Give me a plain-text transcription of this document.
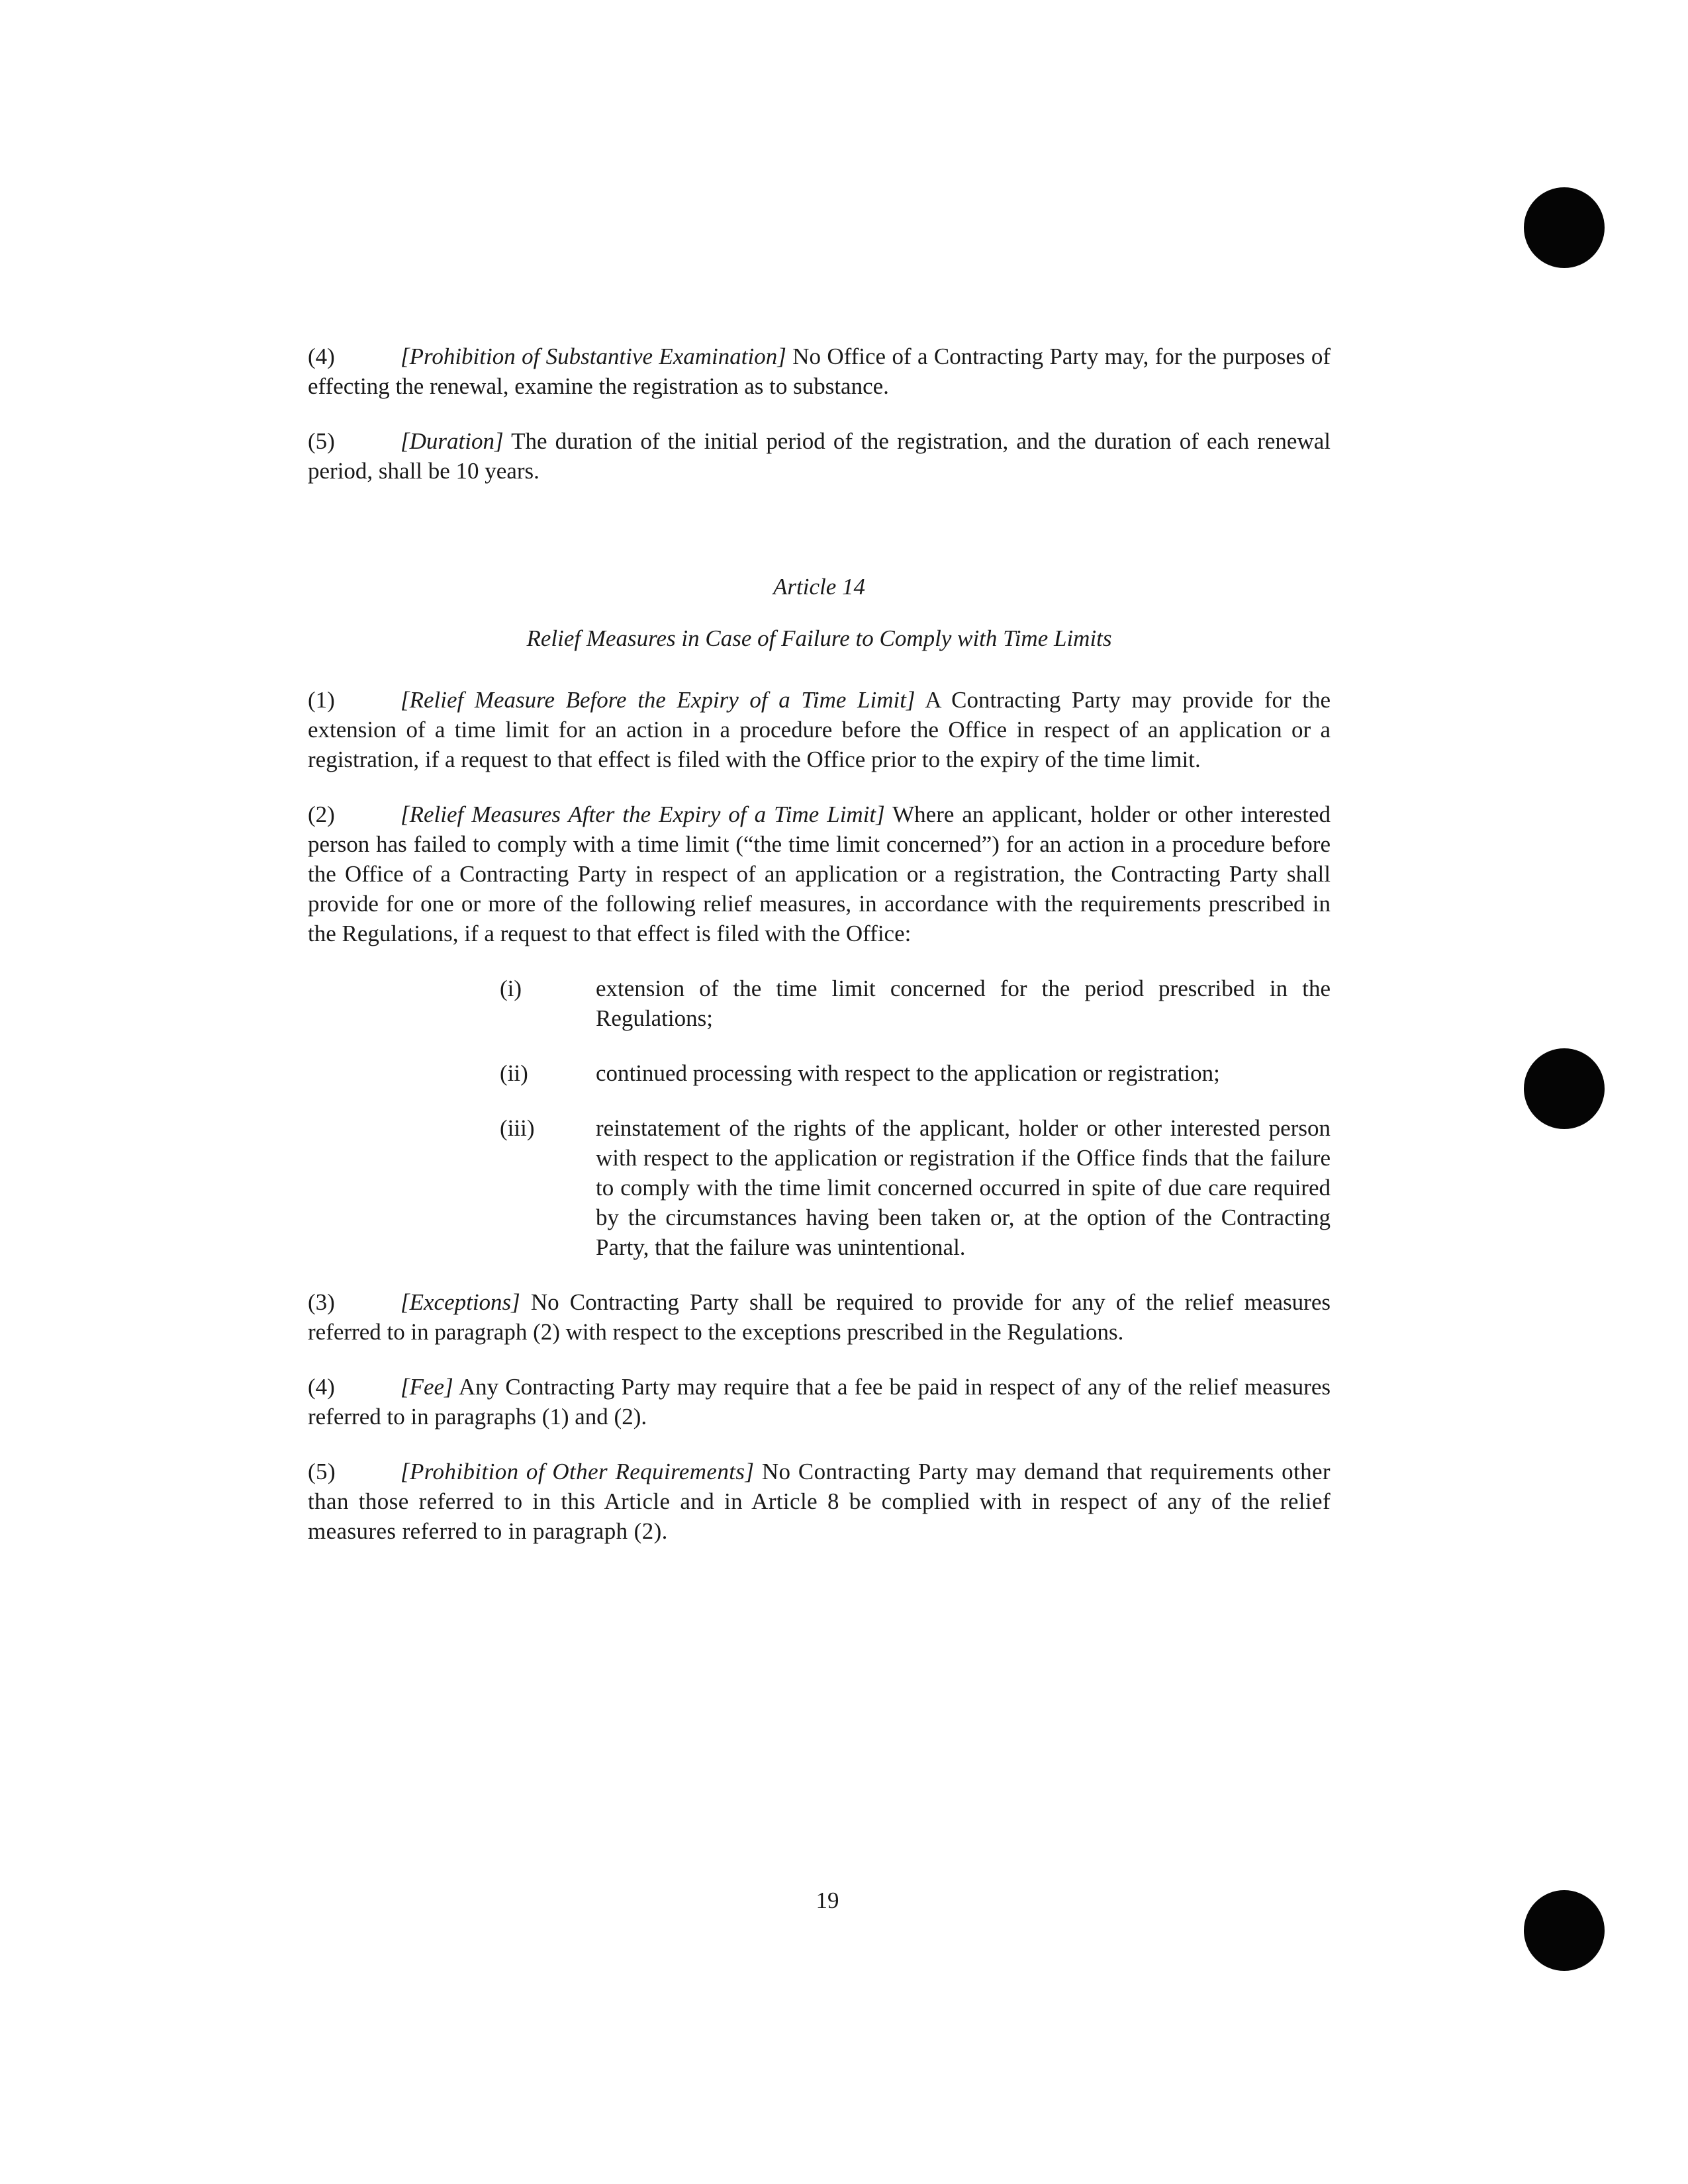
(4)	[Prohibition of Substantive Examination] No Office of a Contracting Party may, for the purposes of effecting the renewal, examine the registration as to substance.

(5)	[Duration] The duration of the initial period of the registration, and the duration of each renewal period, shall be 10 years.

Article 14
Relief Measures in Case of Failure to Comply with Time Limits

(1)	[Relief Measure Before the Expiry of a Time Limit] A Contracting Party may provide for the extension of a time limit for an action in a procedure before the Office in respect of an application or a registration, if a request to that effect is filed with the Office prior to the expiry of the time limit.

(2)	[Relief Measures After the Expiry of a Time Limit] Where an applicant, holder or other interested person has failed to comply with a time limit (“the time limit concerned”) for an action in a procedure before the Office of a Contracting Party in respect of an application or a registration, the Contracting Party shall provide for one or more of the following relief measures, in accordance with the requirements prescribed in the Regulations, if a request to that effect is filed with the Office:

(i)	extension of the time limit concerned for the period prescribed in the Regulations;
(ii)	continued processing with respect to the application or registration;
(iii)	reinstatement of the rights of the applicant, holder or other interested person with respect to the application or registration if the Office finds that the failure to comply with the time limit concerned occurred in spite of due care required by the circumstances having been taken or, at the option of the Contracting Party, that the failure was unintentional.

(3)	[Exceptions] No Contracting Party shall be required to provide for any of the relief measures referred to in paragraph (2) with respect to the exceptions prescribed in the Regulations.

(4)	[Fee] Any Contracting Party may require that a fee be paid in respect of any of the relief measures referred to in paragraphs (1) and (2).

(5)	[Prohibition of Other Requirements] No Contracting Party may demand that requirements other than those referred to in this Article and in Article 8 be complied with in respect of any of the relief measures referred to in paragraph (2).

19
